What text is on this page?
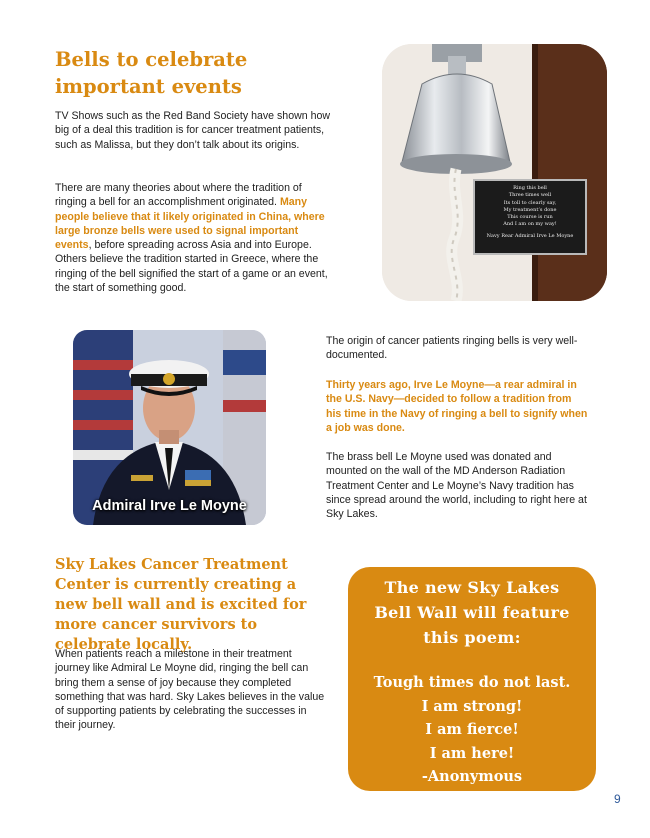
Bells to celebrate important events

TV Shows such as the Red Band Society have shown how big of a deal this tradition is for cancer treatment patients, such as Malissa, but they don’t talk about its origins.

There are many theories about where the tradition of ringing a bell for an accomplishment originated. Many people believe that it likely originated in China, where large bronze bells were used to signal important events, before spreading across Asia and into Europe. Others believe the tradition started in Greece, where the ringing of the bell signified the start of a game or an event, the start of something good.

Ring this bell
Three times well
Its toll to clearly say,
My treatment’s done
This course is run
And I am on my way!
Navy Rear Admiral Irve Le Moyne
Admiral Irve Le Moyne

The origin of cancer patients ringing bells is very well-documented.

Thirty years ago, Irve Le Moyne—a rear admiral in the U.S. Navy—decided to follow a tradition from his time in the Navy of ringing a bell to signify when a job was done.

The brass bell Le Moyne used was donated and mounted on the wall of the MD Anderson Radiation Treatment Center and Le Moyne’s Navy tradition has since spread around the world, including to right here at Sky Lakes.

Sky Lakes Cancer Treatment Center is currently creating a new bell wall and is excited for more cancer survivors to celebrate locally.

When patients reach a milestone in their treatment journey like Admiral Le Moyne did, ringing the bell can bring them a sense of joy because they completed something that was hard. Sky Lakes believes in the value of supporting patients by celebrating the successes in their journey.

The new Sky Lakes Bell Wall will feature this poem:
Tough times do not last.
I am strong!
I am fierce!
I am here!
-Anonymous
9
